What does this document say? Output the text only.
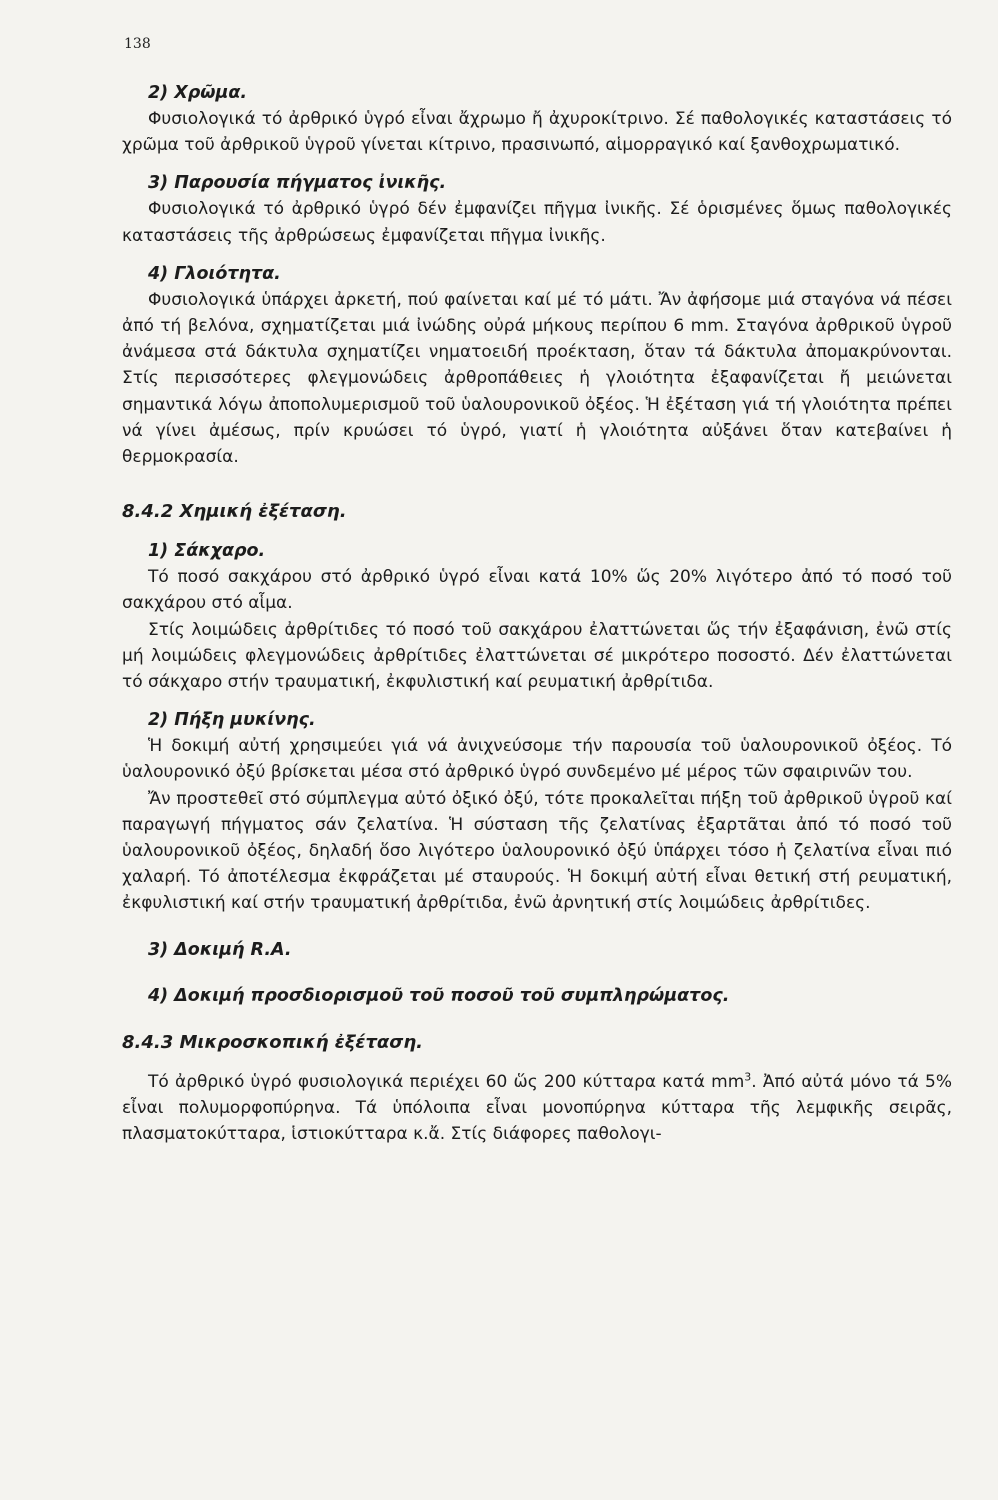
138
2) Χρῶμα.

Φυσιολογικά τό ἀρθρικό ὑγρό εἶναι ἄχρωμο ἤ ἀχυροκίτρινο. Σέ παθολογικές καταστάσεις τό χρῶμα τοῦ ἀρθρικοῦ ὑγροῦ γίνεται κίτρινο, πρασινωπό, αἱμορραγικό καί ξανθοχρωματικό.

3) Παρουσία πήγματος ἰνικῆς.

Φυσιολογικά τό ἀρθρικό ὑγρό δέν ἐμφανίζει πῆγμα ἰνικῆς. Σέ ὁρισμένες ὅμως παθολογικές καταστάσεις τῆς ἀρθρώσεως ἐμφανίζεται πῆγμα ἰνικῆς.

4) Γλοιότητα.

Φυσιολογικά ὑπάρχει ἀρκετή, πού φαίνεται καί μέ τό μάτι. Ἄν ἀφήσομε μιά σταγόνα νά πέσει ἀπό τή βελόνα, σχηματίζεται μιά ἰνώδης οὐρά μήκους περίπου 6 mm. Σταγόνα ἀρθρικοῦ ὑγροῦ ἀνάμεσα στά δάκτυλα σχηματίζει νηματοειδή προέκταση, ὅταν τά δάκτυλα ἀπομακρύνονται. Στίς περισσότερες φλεγμονώδεις ἀρθροπάθειες ἡ γλοιότητα ἐξαφανίζεται ἤ μειώνεται σημαντικά λόγω ἀποπολυμερισμοῦ τοῦ ὑαλουρονικοῦ ὀξέος. Ἡ ἐξέταση γιά τή γλοιότητα πρέπει νά γίνει ἀμέσως, πρίν κρυώσει τό ὑγρό, γιατί ἡ γλοιότητα αὐξάνει ὅταν κατεβαίνει ἡ θερμοκρασία.

8.4.2 Χημική ἐξέταση.
1) Σάκχαρο.

Τό ποσό σακχάρου στό ἀρθρικό ὑγρό εἶναι κατά 10% ὥς 20% λιγότερο ἀπό τό ποσό τοῦ σακχάρου στό αἷμα.

Στίς λοιμώδεις ἀρθρίτιδες τό ποσό τοῦ σακχάρου ἐλαττώνεται ὥς τήν ἐξαφάνιση, ἐνῶ στίς μή λοιμώδεις φλεγμονώδεις ἀρθρίτιδες ἐλαττώνεται σέ μικρότερο ποσοστό. Δέν ἐλαττώνεται τό σάκχαρο στήν τραυματική, ἐκφυλιστική καί ρευματική ἀρθρίτιδα.

2) Πήξη μυκίνης.

Ἡ δοκιμή αὐτή χρησιμεύει γιά νά ἀνιχνεύσομε τήν παρουσία τοῦ ὑαλουρονικοῦ ὀξέος. Τό ὑαλουρονικό ὀξύ βρίσκεται μέσα στό ἀρθρικό ὑγρό συνδεμένο μέ μέρος τῶν σφαιρινῶν του.

Ἄν προστεθεῖ στό σύμπλεγμα αὐτό ὀξικό ὀξύ, τότε προκαλεῖται πήξη τοῦ ἀρθρικοῦ ὑγροῦ καί παραγωγή πήγματος σάν ζελατίνα. Ἡ σύσταση τῆς ζελατίνας ἐξαρτᾶται ἀπό τό ποσό τοῦ ὑαλουρονικοῦ ὀξέος, δηλαδή ὅσο λιγότερο ὑαλουρονικό ὀξύ ὑπάρχει τόσο ἡ ζελατίνα εἶναι πιό χαλαρή. Τό ἀποτέλεσμα ἐκφράζεται μέ σταυρούς. Ἡ δοκιμή αὐτή εἶναι θετική στή ρευματική, ἐκφυλιστική καί στήν τραυματική ἀρθρίτιδα, ἐνῶ ἀρνητική στίς λοιμώδεις ἀρθρίτιδες.

3) Δοκιμή R.A.
4) Δοκιμή προσδιορισμοῦ τοῦ ποσοῦ τοῦ συμπληρώματος.
8.4.3 Μικροσκοπική ἐξέταση.

Τό ἀρθρικό ὑγρό φυσιολογικά περιέχει 60 ὥς 200 κύτταρα κατά $mm^3$. Ἀπό αὐτά μόνο τά 5% εἶναι πολυμορφοπύρηνα. Τά ὑπόλοιπα εἶναι μονοπύρηνα κύτταρα τῆς λεμφικῆς σειρᾶς, πλασματοκύτταρα, ἱστιοκύτταρα κ.ἄ. Στίς διάφορες παθολογι-
